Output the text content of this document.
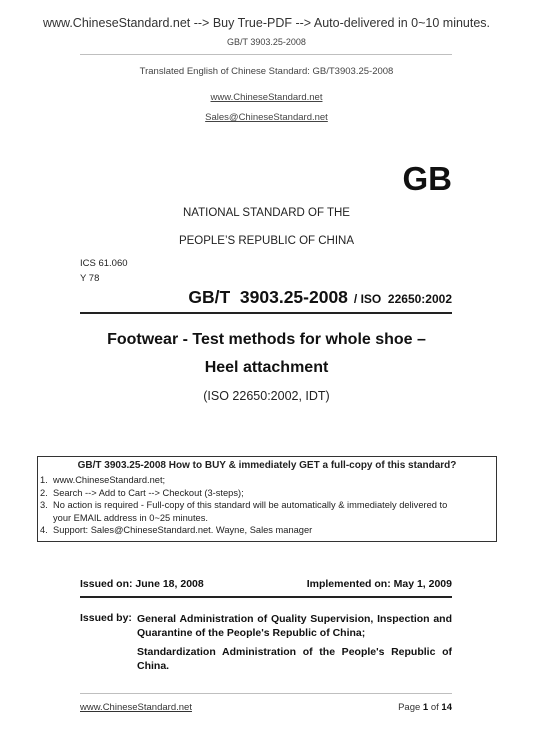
www.ChineseStandard.net --> Buy True-PDF --> Auto-delivered in 0~10 minutes.
GB/T 3903.25-2008
Translated English of Chinese Standard: GB/T3903.25-2008
www.ChineseStandard.net
Sales@ChineseStandard.net
GB
NATIONAL STANDARD OF THE
PEOPLE’S REPUBLIC OF CHINA
ICS 61.060
Y 78
GB/T  3903.25-2008 / ISO  22650:2002
Footwear - Test methods for whole shoe –
Heel attachment
(ISO 22650:2002, IDT)
GB/T 3903.25-2008 How to BUY & immediately GET a full-copy of this standard?
1. www.ChineseStandard.net;
2. Search --> Add to Cart --> Checkout (3-steps);
3. No action is required - Full-copy of this standard will be automatically & immediately delivered to
your EMAIL address in 0~25 minutes.
4. Support: Sales@ChineseStandard.net. Wayne, Sales manager
Issued on: June 18, 2008	Implemented on: May 1, 2009
Issued by: General Administration of Quality Supervision, Inspection and Quarantine of the People's Republic of China;
Standardization Administration of the People's Republic of China.
www.ChineseStandard.net	Page 1 of 14
